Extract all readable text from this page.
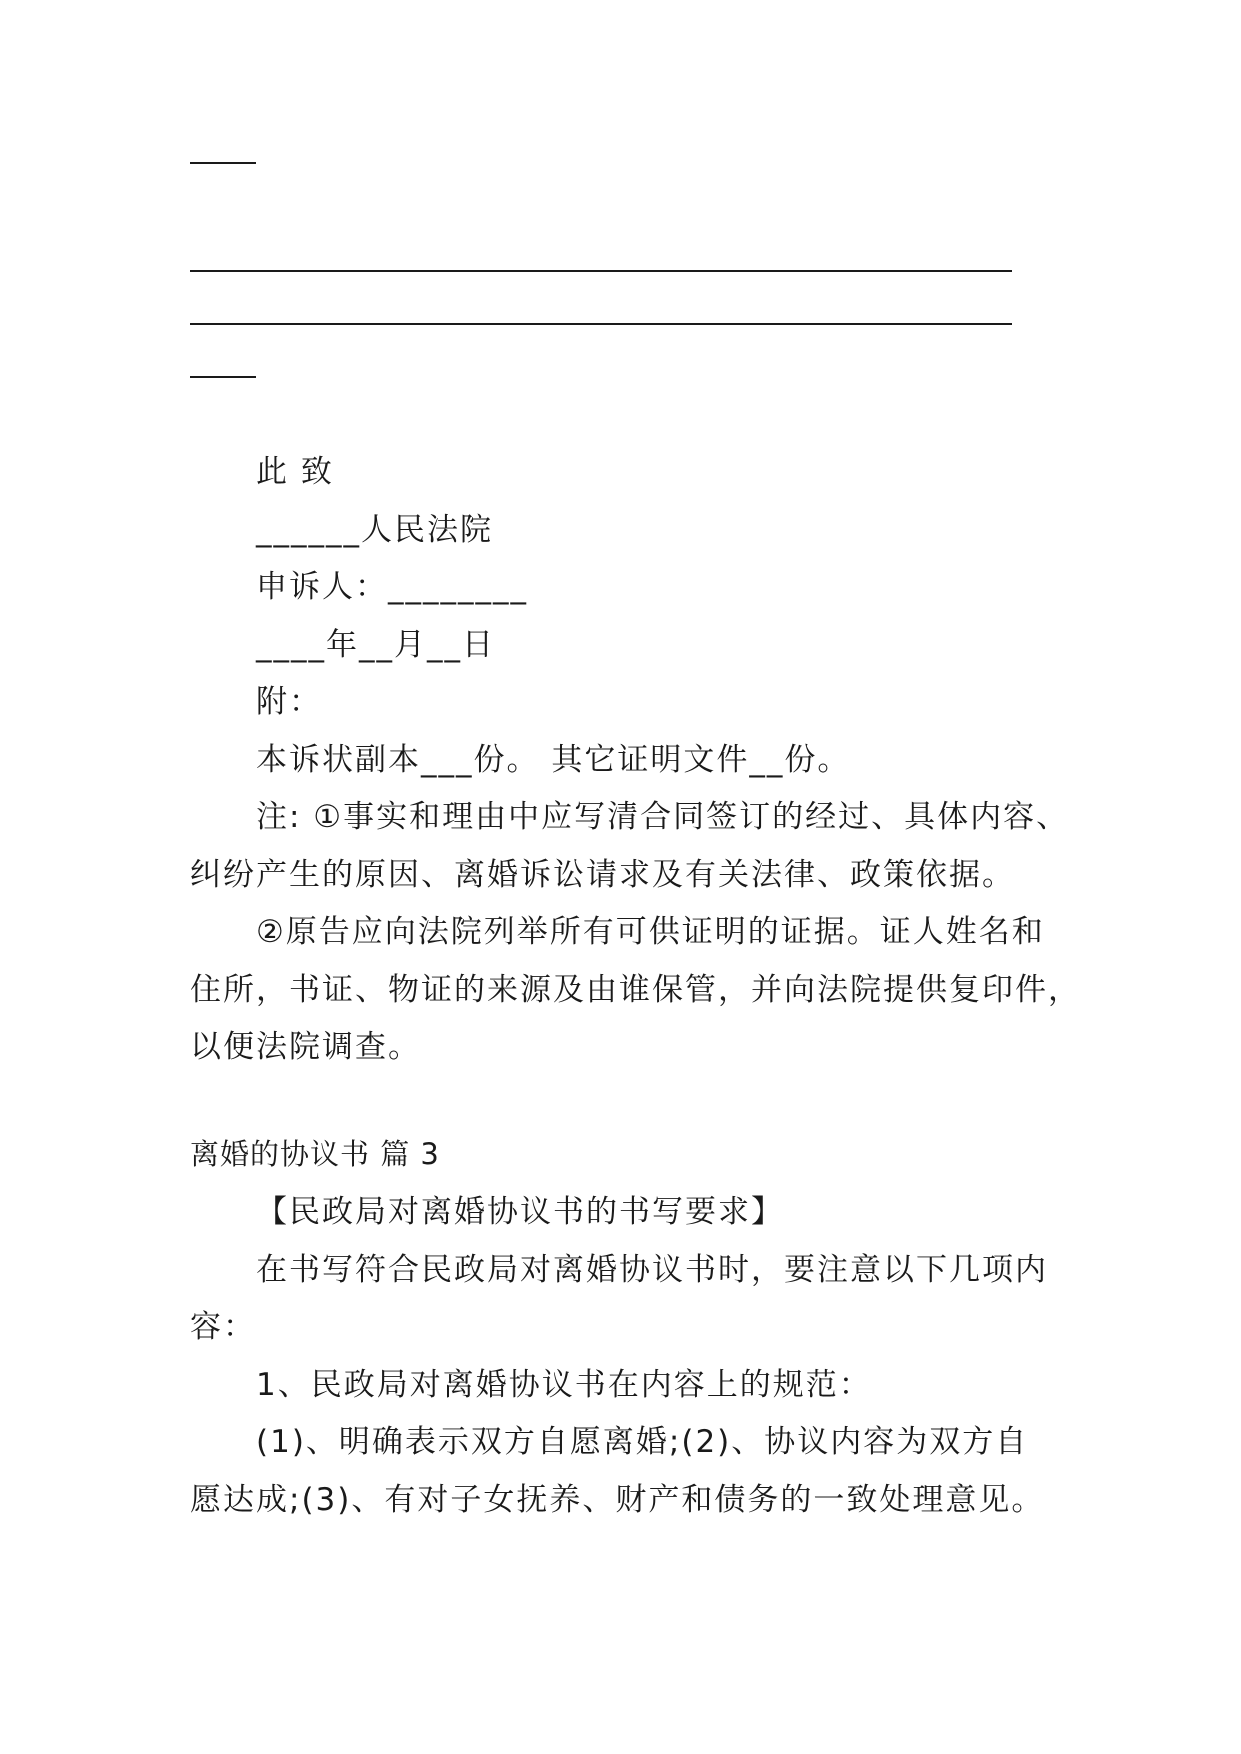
此 致
______人民法院
申诉人：________
____年__月__日
附：
本诉状副本___份。 其它证明文件__份。
注: ①事实和理由中应写清合同签订的经过、具体内容、
纠纷产生的原因、离婚诉讼请求及有关法律、政策依据。
②原告应向法院列举所有可供证明的证据。证人姓名和
住所，书证、物证的来源及由谁保管，并向法院提供复印件，
以便法院调查。
离婚的协议书 篇 3
【民政局对离婚协议书的书写要求】
在书写符合民政局对离婚协议书时，要注意以下几项内
容：
1、民政局对离婚协议书在内容上的规范：
(1)、明确表示双方自愿离婚;(2)、协议内容为双方自
愿达成;(3)、有对子女抚养、财产和债务的一致处理意见。
